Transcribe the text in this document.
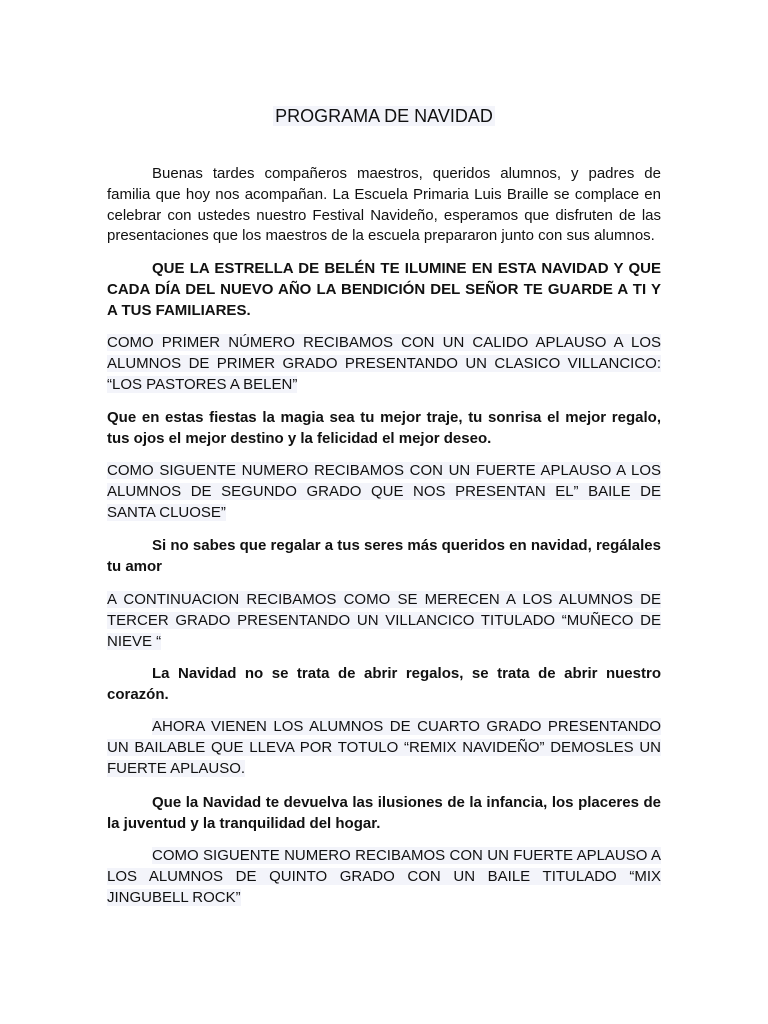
PROGRAMA DE NAVIDAD

Buenas tardes compañeros maestros, queridos alumnos, y padres de familia que hoy nos acompañan. La Escuela Primaria Luis Braille se complace en celebrar con ustedes nuestro Festival Navideño, esperamos que disfruten de las presentaciones que los maestros de la escuela prepararon junto con sus alumnos.

QUE LA ESTRELLA DE BELÉN TE ILUMINE EN ESTA NAVIDAD Y QUE CADA DÍA DEL NUEVO AÑO LA BENDICIÓN DEL SEÑOR TE GUARDE A TI Y A TUS FAMILIARES.

COMO PRIMER NÚMERO RECIBAMOS CON UN CALIDO APLAUSO A LOS ALUMNOS DE PRIMER GRADO PRESENTANDO UN CLASICO VILLANCICO: “LOS PASTORES A BELEN”

Que en estas fiestas la magia sea tu mejor traje, tu sonrisa el mejor regalo, tus ojos el mejor destino y la felicidad el mejor deseo.

COMO SIGUENTE NUMERO RECIBAMOS CON UN FUERTE APLAUSO A LOS ALUMNOS DE SEGUNDO GRADO QUE NOS PRESENTAN EL” BAILE DE SANTA CLUOSE”

Si no sabes que regalar a tus seres más queridos en navidad, regálales tu amor

A CONTINUACION RECIBAMOS COMO SE MERECEN A LOS ALUMNOS DE TERCER GRADO PRESENTANDO UN VILLANCICO TITULADO “MUÑECO DE NIEVE “

La Navidad no se trata de abrir regalos, se trata de abrir nuestro corazón.

AHORA VIENEN LOS ALUMNOS DE CUARTO GRADO PRESENTANDO UN BAILABLE QUE LLEVA POR TOTULO “REMIX NAVIDEÑO” DEMOSLES UN FUERTE APLAUSO.

Que la Navidad te devuelva las ilusiones de la infancia, los placeres de la juventud y la tranquilidad del hogar.

COMO SIGUENTE NUMERO RECIBAMOS CON UN FUERTE APLAUSO A LOS ALUMNOS DE QUINTO GRADO CON UN BAILE TITULADO “MIX JINGUBELL ROCK”
